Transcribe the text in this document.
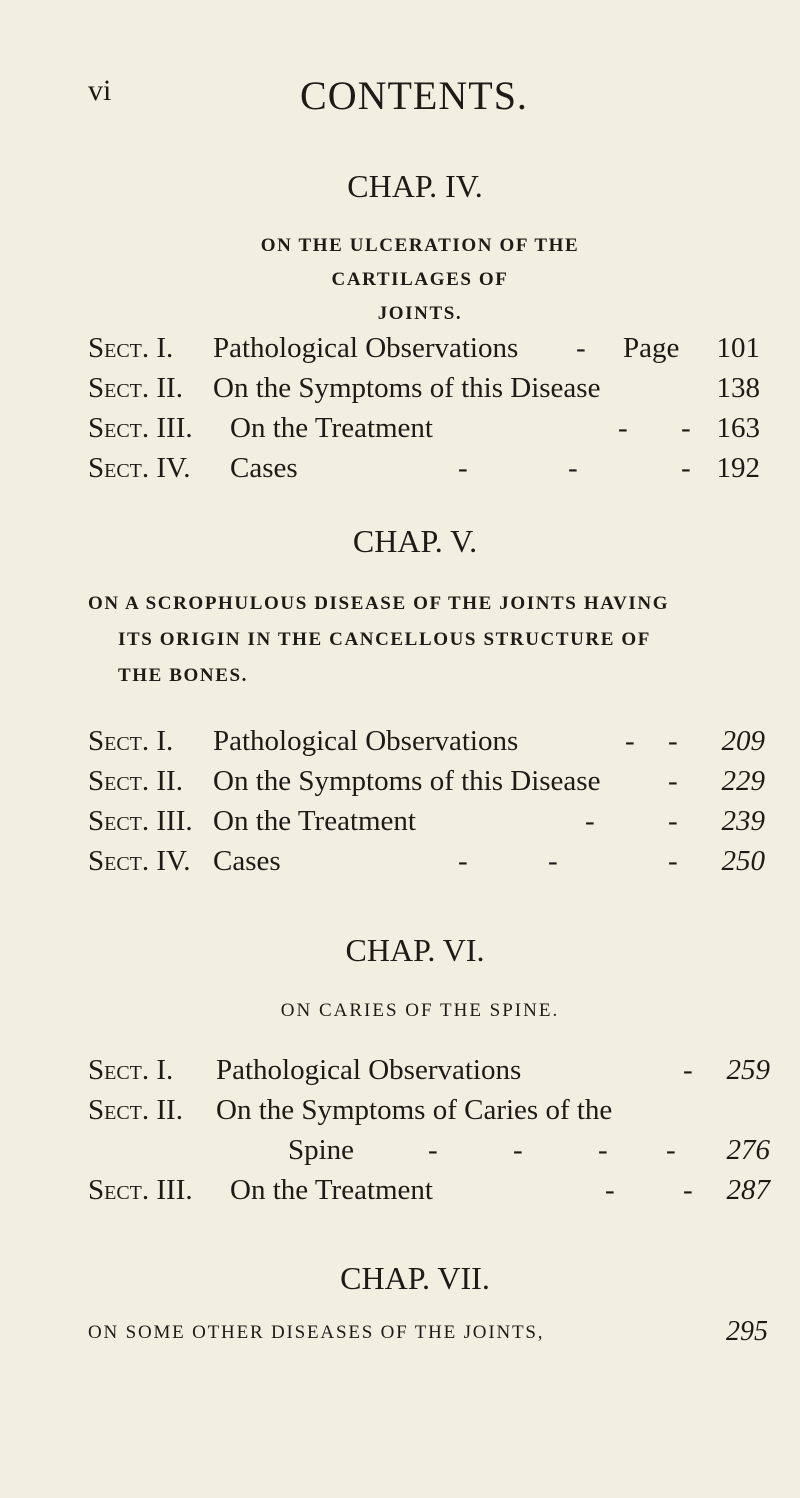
vi	CONTENTS.
CHAP. IV.
ON THE ULCERATION OF THE CARTILAGES OF
JOINTS.
Sect. I. Pathological Observations - Page	101
Sect. II. On the Symptoms of this Disease	138
Sect. III. On the Treatment	- - 163
Sect. IV. Cases	-	-	- 192
CHAP. V.
ON A SCROPHULOUS DISEASE OF THE JOINTS HAVING
ITS ORIGIN IN THE CANCELLOUS STRUCTURE OF
THE BONES.
Sect. I. Pathological Observations	- -	209
Sect. II. On the Symptoms of this Disease -	229
Sect. III. On the Treatment	-	-	239
Sect. IV. Cases	-	-	-	250
CHAP. VI.
ON CARIES OF THE SPINE.
Sect. I. Pathological Observations	-	259
Sect. II. On the Symptoms of Caries of the
Spine	-	-	- -	276
Sect. III. On the Treatment	- -	287
CHAP. VII.
ON SOME OTHER DISEASES OF THE JOINTS,	295
